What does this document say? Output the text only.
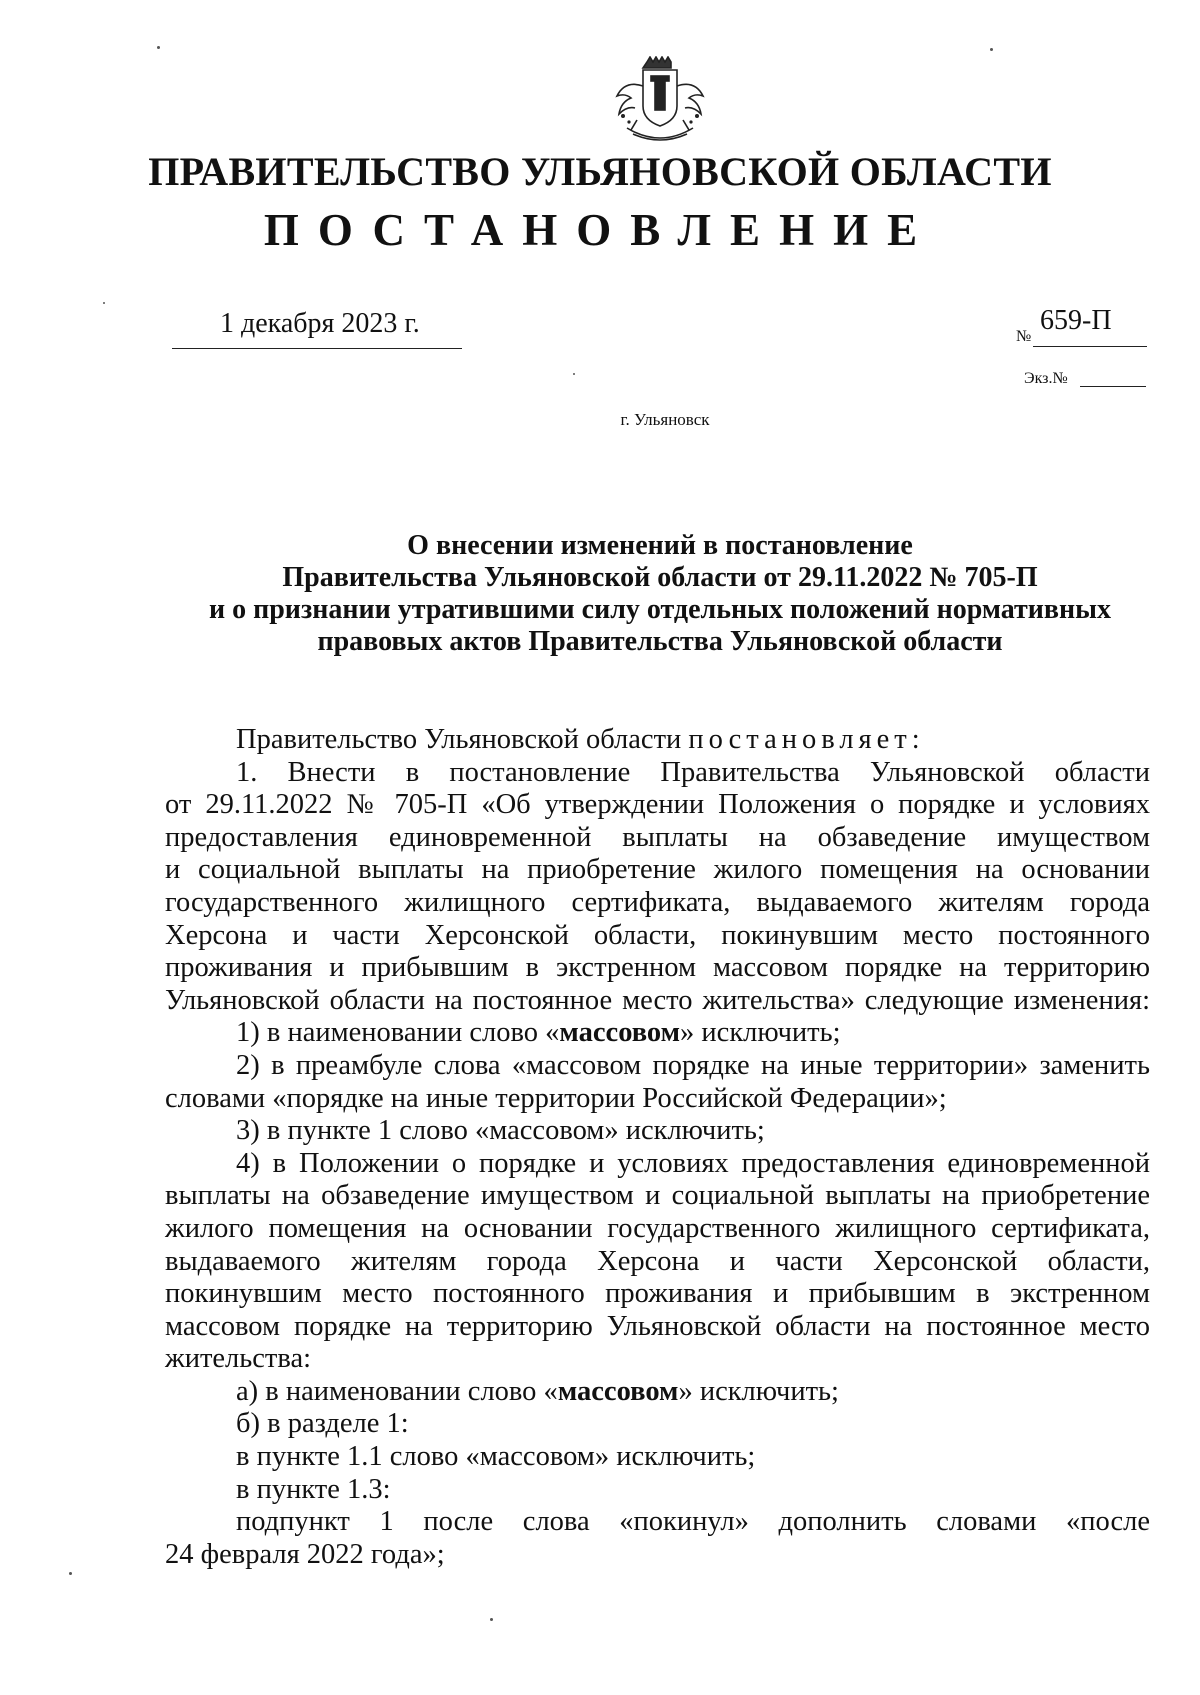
ПРАВИТЕЛЬСТВО УЛЬЯНОВСКОЙ ОБЛАСТИ
ПОСТАНОВЛЕНИЕ
1 декабря 2023 г.	№
659-П
Экз.№
г. Ульяновск
О внесении изменений в постановление
Правительства Ульяновской области от 29.11.2022 № 705-П
и о признании утратившими силу отдельных положений нормативных
правовых актов Правительства Ульяновской области
Правительство Ульяновской области постановляет:
1. Внести в постановление Правительства Ульяновской области
от 29.11.2022 № 705-П «Об утверждении Положения о порядке и условиях
предоставления единовременной выплаты на обзаведение имуществом
и социальной выплаты на приобретение жилого помещения на основании
государственного жилищного сертификата, выдаваемого жителям города
Херсона и части Херсонской области, покинувшим место постоянного
проживания и прибывшим в экстренном массовом порядке на территорию
Ульяновской области на постоянное место жительства» следующие изменения:
1) в наименовании слово «массовом» исключить;
2) в преамбуле слова «массовом порядке на иные территории» заменить
словами «порядке на иные территории Российской Федерации»;
3) в пункте 1 слово «массовом» исключить;
4) в Положении о порядке и условиях предоставления единовременной
выплаты на обзаведение имуществом и социальной выплаты на приобретение
жилого помещения на основании государственного жилищного сертификата,
выдаваемого жителям города Херсона и части Херсонской области,
покинувшим место постоянного проживания и прибывшим в экстренном
массовом порядке на территорию Ульяновской области на постоянное место
жительства:
а) в наименовании слово «массовом» исключить;
б) в разделе 1:
в пункте 1.1 слово «массовом» исключить;
в пункте 1.3:
подпункт 1 после слова «покинул» дополнить словами «после
24 февраля 2022 года»;
